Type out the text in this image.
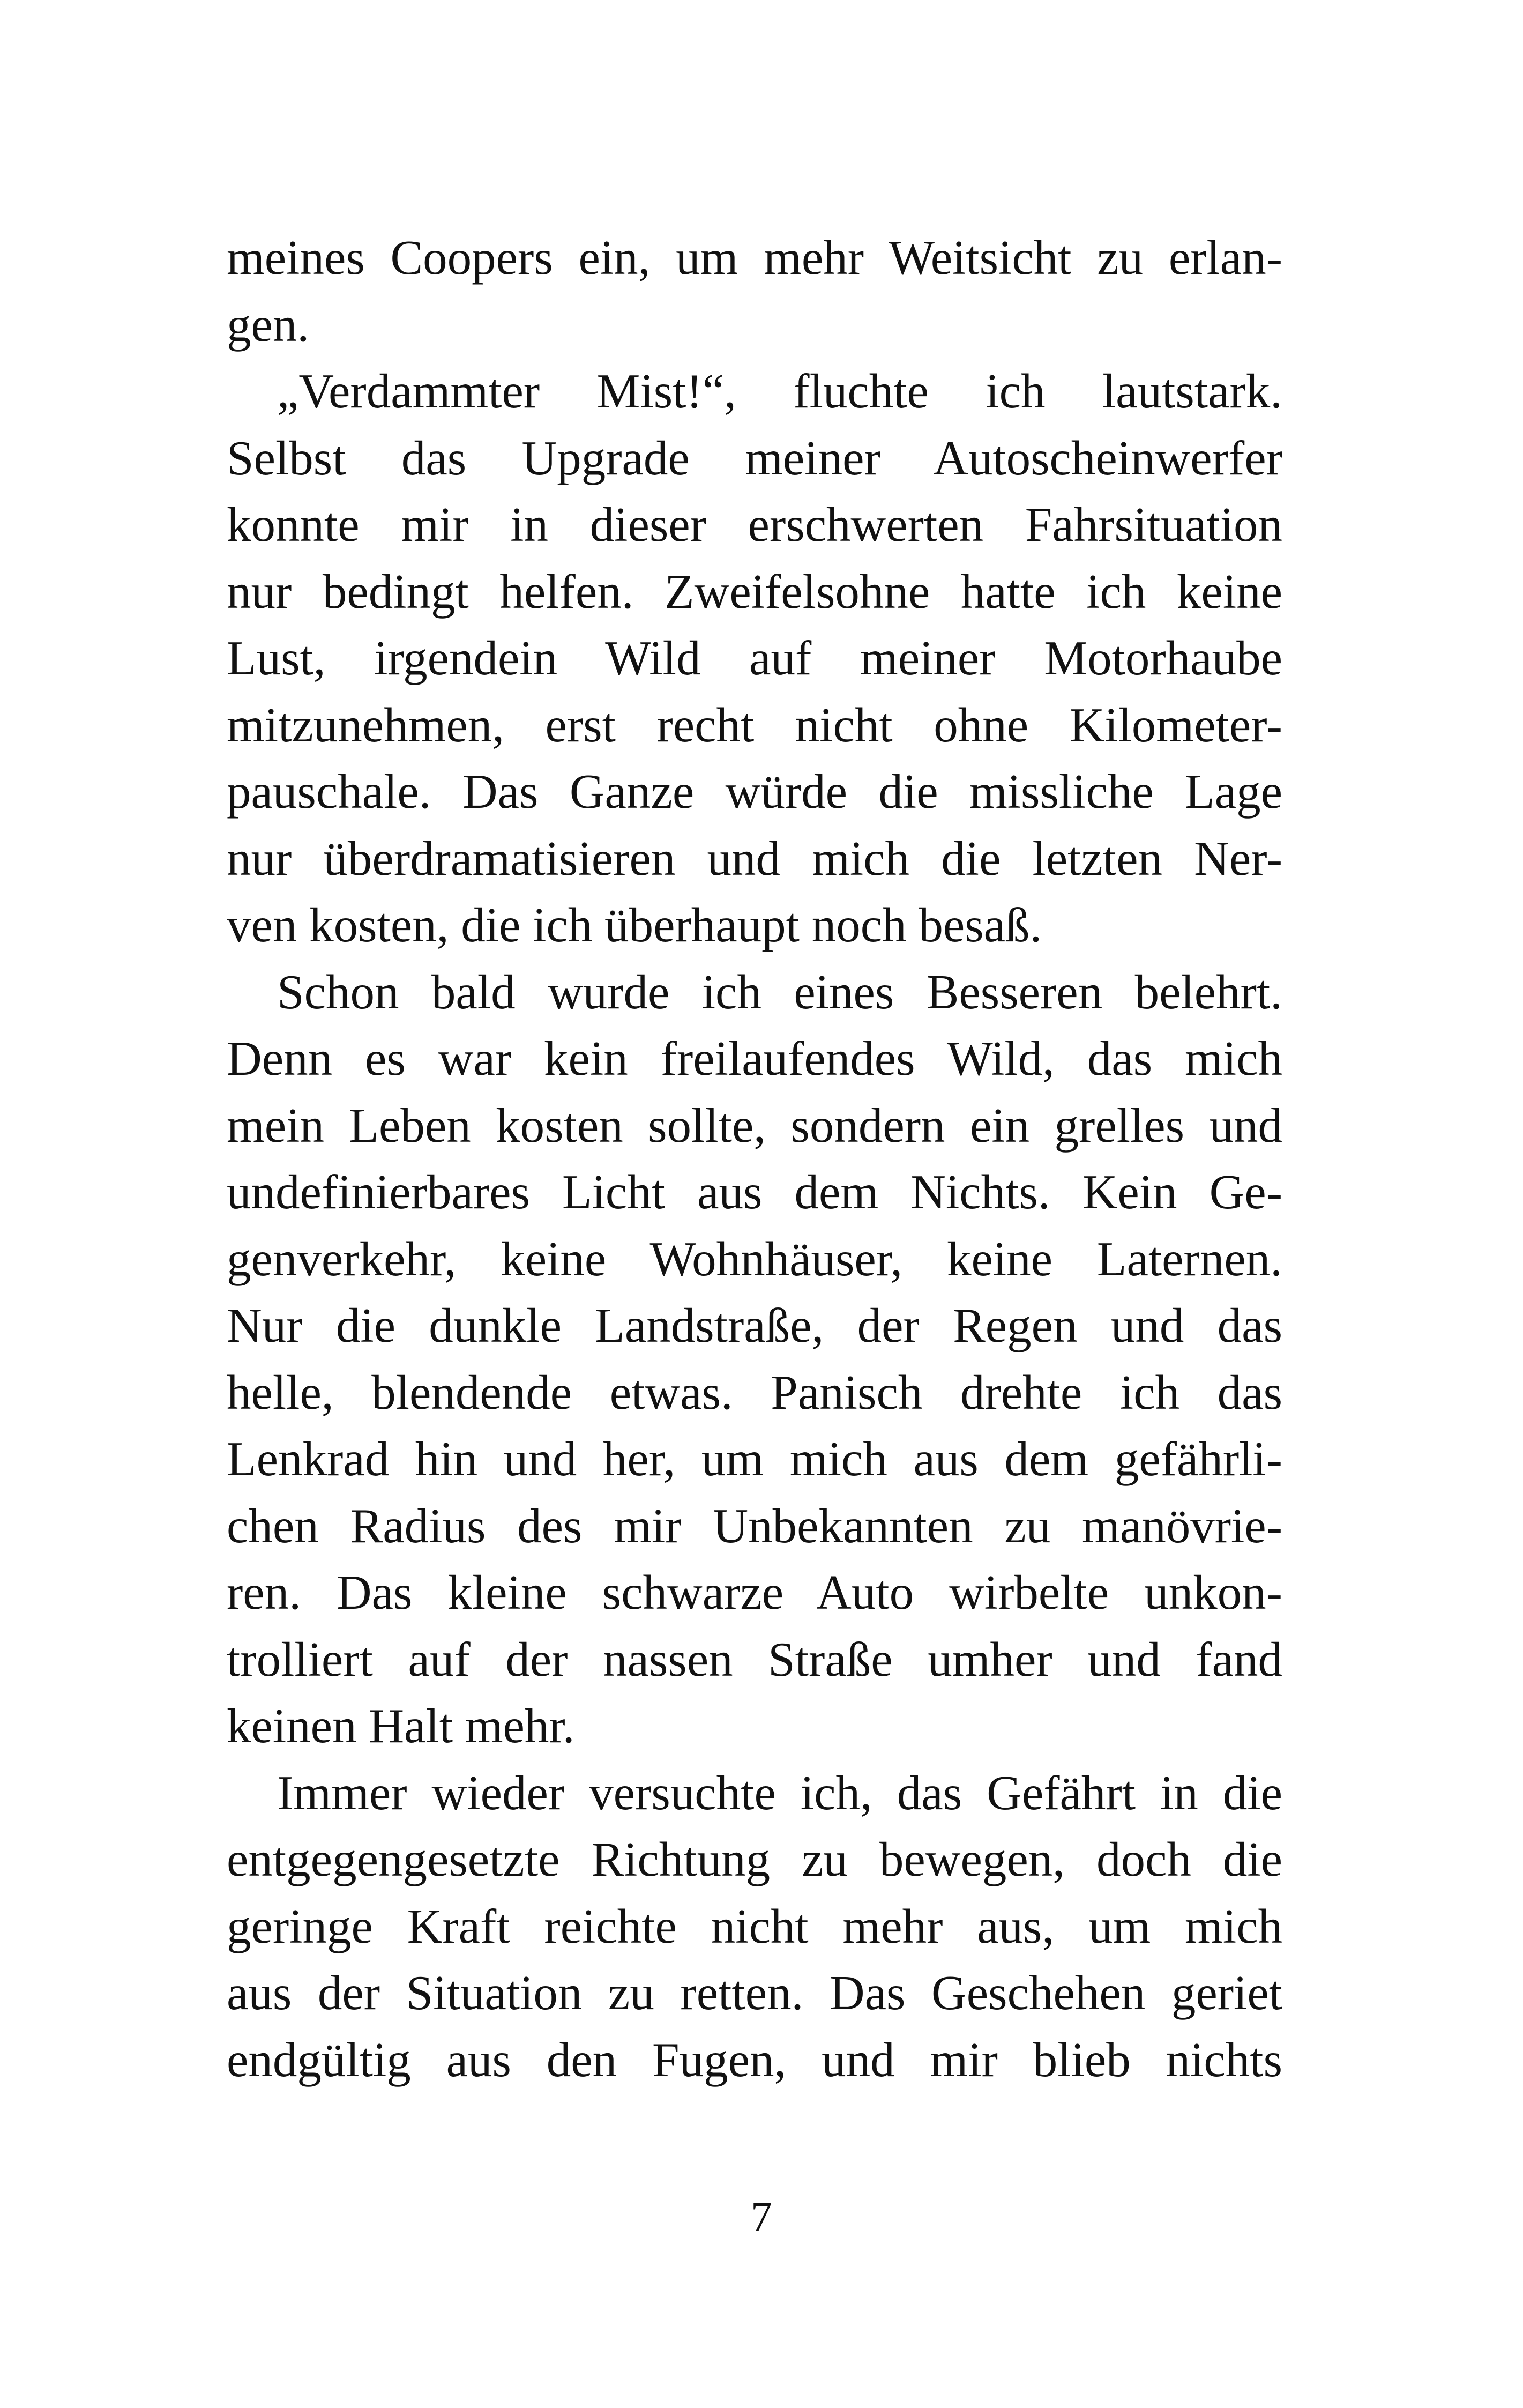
meines Coopers ein, um mehr Weitsicht zu erlan-
gen.
„Verdammter Mist!“, fluchte ich lautstark.
Selbst das Upgrade meiner Autoscheinwerfer
konnte mir in dieser erschwerten Fahrsituation
nur bedingt helfen. Zweifelsohne hatte ich keine
Lust, irgendein Wild auf meiner Motorhaube
mitzunehmen, erst recht nicht ohne Kilometer-
pauschale. Das Ganze würde die missliche Lage
nur überdramatisieren und mich die letzten Ner-
ven kosten, die ich überhaupt noch besaß.
Schon bald wurde ich eines Besseren belehrt.
Denn es war kein freilaufendes Wild, das mich
mein Leben kosten sollte, sondern ein grelles und
undefinierbares Licht aus dem Nichts. Kein Ge-
genverkehr, keine Wohnhäuser, keine Laternen.
Nur die dunkle Landstraße, der Regen und das
helle, blendende etwas. Panisch drehte ich das
Lenkrad hin und her, um mich aus dem gefährli-
chen Radius des mir Unbekannten zu manövrie-
ren. Das kleine schwarze Auto wirbelte unkon-
trolliert auf der nassen Straße umher und fand
keinen Halt mehr.
Immer wieder versuchte ich, das Gefährt in die
entgegengesetzte Richtung zu bewegen, doch die
geringe Kraft reichte nicht mehr aus, um mich
aus der Situation zu retten. Das Geschehen geriet
endgültig aus den Fugen, und mir blieb nichts
7
